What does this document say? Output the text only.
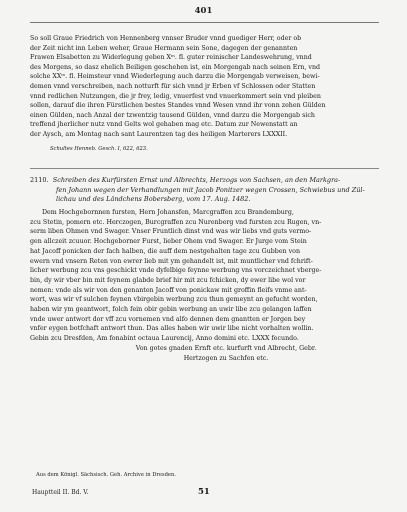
401
So soll Graue Friedrich von Hennenberg vnnser Bruder vnnd guediger Herr, oder ob
der Zeit nicht inn Leben weher, Graue Hermann sein Sone, dagegen der genannten
Frawen Elsabetten zu Widerlegung geben Xᵐ. fl. guter reinischer Landeswehrung, vnnd
des Morgens, so dasz ehelich Beiligen geschehen ist, ein Morgengab nach seinen Ern, vnd
solche XXᵐ. fl. Heimsteur vnnd Wiederlegung auch darzu die Morgengab verweisen, bewi-
demen vnnd verschreiben, nach notturft für sich vnnd jr Erben vf Schlossen oder Statten
vnnd redlichen Nutzungen, die jr frey, ledig, vnuerfest vnd vnuerkommert sein vnd pleiben
sollen, darauf die ihren Fürstlichen bestes Standes vnnd Wesen vnnd ihr vonn zehen Gülden
einen Gülden, nach Anzal der tzwentzig tausend Gülden, vnnd darzu die Morgengab sich
treffend jherlicher nutz vnnd Gelts wol gehaben mag etc. Datum zur Newenstatt an
der Aysch, am Montag nach sant Laurentzen tag des heiligen Marterers LXXXII.
Schultes Henneb. Gesch. I, 622, 623.
2110. Schreiben des Kurfürsten Ernst und Albrechts, Herzogs von Sachsen, an den Markgra-
fen Johann wegen der Verhandlungen mit Jacob Ponitzer wegen Crossen, Schwiebus und Zül-
lichau und des Ländchens Bobersberg, vom 17. Aug. 1482.
Dem Hochgebornnen fursten, Hern Johansfen, Marcgraffen zcu Brandemburg,
zcu Stetin, pomern etc. Herczogen, Burcgraffen zcu Nurenberg vnd fursten zcu Rugen, vn-
serm liben Ohmen vnd Swager. Vnser Fruntlich dinst vnd was wir liebs vnd guts vermo-
gen allczeit zcuuor. Hochgeborner Furst, lieber Ohem vnd Swager. Er Jurge vom Stein
hat Jacoff ponicken der fach halben, die auff dem nestgehalten tage zcu Gubben von
ewern vnd vnsern Reten von ewrer lieb mit ym gehandelt ist, mit muntlicher vnd fchrift-
licher werbung zcu vns geschickt vnde dyfelbige feynne werbung vns vorczeichnet vberge-
bin, dy wir vber bin mit feynem glabde brief hir mit zcu fchicken, dy ewer libe wol vor
nemen: vnde als wir von den genanten Jacoff von ponickaw mit groffin fleifs vnme ant-
wort, was wir vf sulchen feynen vbirgebin werbung zcu thun gemeynt an gefucht worden,
haben wir ym geantwort, folch fein obir gebin werbung an uwir libe zcu gelangen laffen
vnde uwer antwort dor vff zcu vornemen vnd alfo dennen dem gnantten er Jorgen bey
vnfer eygen botfchaft antwort thun. Das alles haben wir uwir libe nicht vorhalten wollin.
Gebin zcu Dresfden, Am fonabint octaua Laurencij, Anno domini etc. LXXX fecundo.
Von gotes gnaden Ernft etc. kurfurft vnd Albrecht, Gebr.
Hertzogen zu Sachfen etc.
Aus dem Königl. Sächsisch. Geh. Archive in Dresden.
Hauptteil II. Bd. V.	51
